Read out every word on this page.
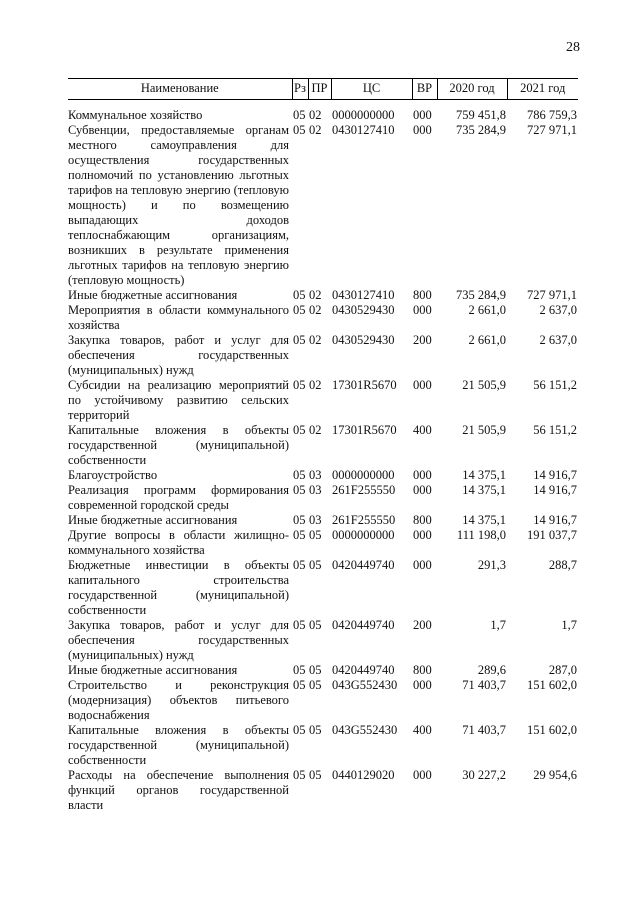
28
Наименование	Рз	ПР	ЦС	ВР	2020 год	2021 год
Коммунальное хозяйство	05	02	0000000000	000	759 451,8	786 759,3
Субвенции, предоставляемые органам местного самоуправления для осуществления государственных полномочий по установлению льготных тарифов на тепловую энергию (тепловую мощность) и по возмещению выпадающих доходов теплоснабжающим организациям, возникших в результате применения льготных тарифов на тепловую энергию (тепловую мощность)	05	02	0430127410	000	735 284,9	727 971,1
Иные бюджетные ассигнования	05	02	0430127410	800	735 284,9	727 971,1
Мероприятия в области коммунального хозяйства	05	02	0430529430	000	2 661,0	2 637,0
Закупка товаров, работ и услуг для обеспечения государственных (муниципальных) нужд	05	02	0430529430	200	2 661,0	2 637,0
Субсидии на реализацию мероприятий по устойчивому развитию сельских территорий	05	02	17301R5670	000	21 505,9	56 151,2
Капитальные вложения в объекты государственной (муниципальной) собственности	05	02	17301R5670	400	21 505,9	56 151,2
Благоустройство	05	03	0000000000	000	14 375,1	14 916,7
Реализация программ формирования современной городской среды	05	03	261F255550	000	14 375,1	14 916,7
Иные бюджетные ассигнования	05	03	261F255550	800	14 375,1	14 916,7
Другие вопросы в области жилищно-коммунального хозяйства	05	05	0000000000	000	111 198,0	191 037,7
Бюджетные инвестиции в объекты капитального строительства государственной (муниципальной) собственности	05	05	0420449740	000	291,3	288,7
Закупка товаров, работ и услуг для обеспечения государственных (муниципальных) нужд	05	05	0420449740	200	1,7	1,7
Иные бюджетные ассигнования	05	05	0420449740	800	289,6	287,0
Строительство и реконструкция (модернизация) объектов питьевого водоснабжения	05	05	043G552430	000	71 403,7	151 602,0
Капитальные вложения в объекты государственной (муниципальной) собственности	05	05	043G552430	400	71 403,7	151 602,0
Расходы на обеспечение выполнения функций органов государственной власти	05	05	0440129020	000	30 227,2	29 954,6
